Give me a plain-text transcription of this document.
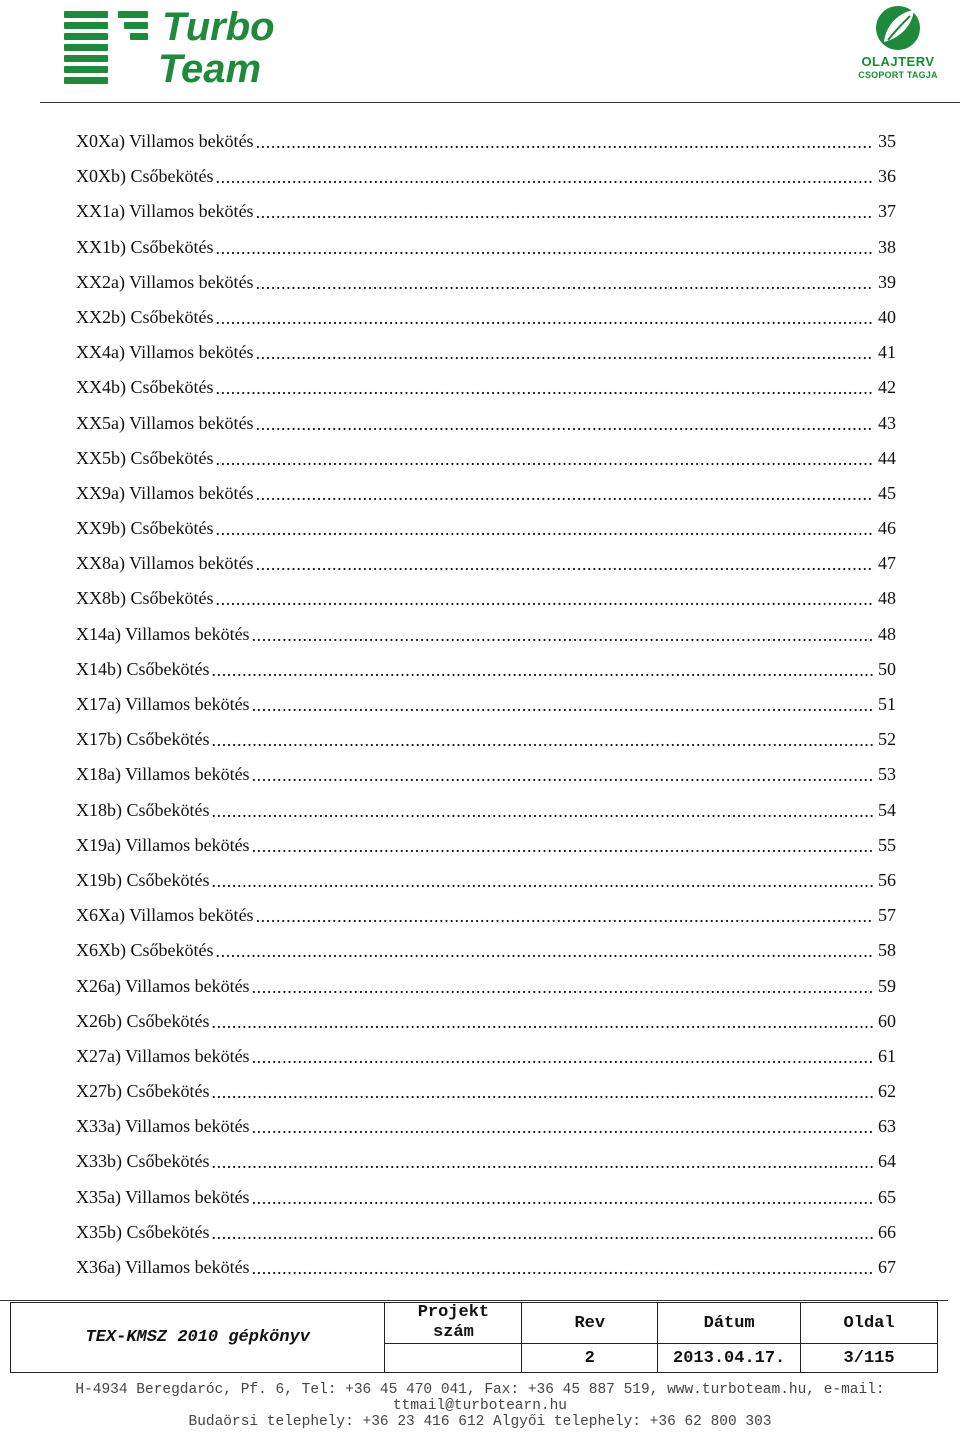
Turbo
Team	OLAJTERV
CSOPORT TAGJA
X0Xa) Villamos bekötés .....	35
X0Xb) Csőbekötés .....	36
XX1a) Villamos bekötés .....	37
XX1b) Csőbekötés .....	38
XX2a) Villamos bekötés .....	39
XX2b) Csőbekötés .....	40
XX4a) Villamos bekötés .....	41
XX4b) Csőbekötés .....	42
XX5a) Villamos bekötés .....	43
XX5b) Csőbekötés .....	44
XX9a) Villamos bekötés .....	45
XX9b) Csőbekötés .....	46
XX8a) Villamos bekötés .....	47
XX8b) Csőbekötés .....	48
X14a) Villamos bekötés .....	48
X14b) Csőbekötés .....	50
X17a) Villamos bekötés .....	51
X17b) Csőbekötés .....	52
X18a) Villamos bekötés .....	53
X18b) Csőbekötés .....	54
X19a) Villamos bekötés .....	55
X19b) Csőbekötés .....	56
X6Xa) Villamos bekötés .....	57
X6Xb) Csőbekötés .....	58
X26a) Villamos bekötés .....	59
X26b) Csőbekötés .....	60
X27a) Villamos bekötés .....	61
X27b) Csőbekötés .....	62
X33a) Villamos bekötés .....	63
X33b) Csőbekötés .....	64
X35a) Villamos bekötés .....	65
X35b) Csőbekötés .....	66
X36a) Villamos bekötés .....	67
TEX-KMSZ 2010 gépkönyv	Projekt
szám	Rev	Dátum	Oldal
		2	2013.04.17.	3/115
H-4934 Beregdaróc, Pf. 6, Tel: +36 45 470 041, Fax: +36 45 887 519, www.turboteam.hu, e-mail:
ttmail@turbotearn.hu
Budaörsi telephely: +36 23 416 612 Algyői telephely: +36 62 800 303
